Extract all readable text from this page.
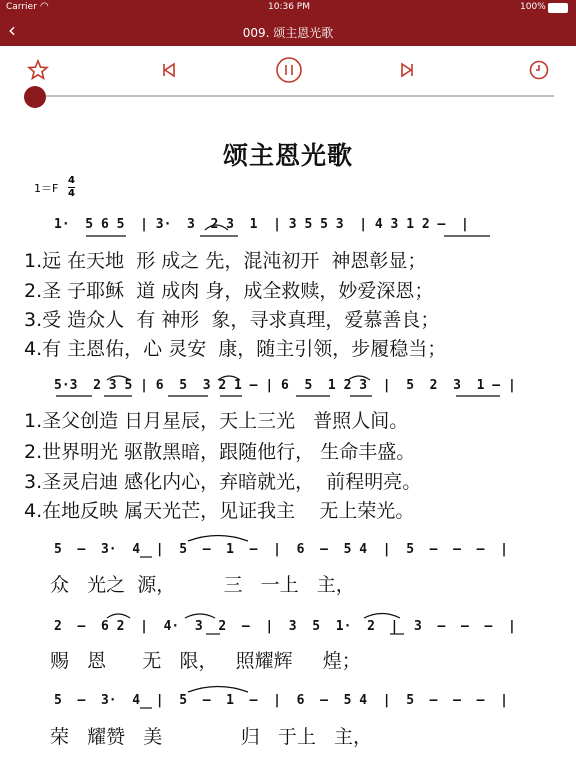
Carrier ◠	10:36 PM	100%
‹	009. 颂主恩光歌
颂主恩光歌
$1=F \frac{4}{4}$
1·  5 6 5  | 3·  3  2 3  1  | 3 5 5 3  | 4 3 1 2 –  |
1.远 在天地  形 成之 先，混沌初开  神恩彰显；
2.圣 子耶稣  道 成肉 身，成全救赎，妙爱深恩；
3.受 造众人  有 神形  象，寻求真理，爱慕善良；
4.有 主恩佑，心 灵安  康，随主引领，步履稳当；
5·3  2 3 5 | 6  5  3 2 1 – | 6  5  1 2 3  |  5  2  3  1 – |
1.圣父创造 日月星辰，天上三光   普照人间。
2.世界明光 驱散黑暗，跟随他行， 生命丰盛。
3.圣灵启迪 感化内心，弃暗就光，  前程明亮。
4.在地反映 属天光芒，见证我主    无上荣光。
5  –  3·  4  |  5  –  1  –  |  6  –  5 4  |  5  –  –  –  |
众   光之  源，        三   一上   主，
2  –  6 2  |  4·  3  2  –  |  3  5  1·  2  |  3  –  –  –  |
赐   恩      无   限，   照耀辉     煌；
5  –  3·  4  |  5  –  1  –  |  6  –  5 4  |  5  –  –  –  |
荣   耀赞   美             归   于上   主，
